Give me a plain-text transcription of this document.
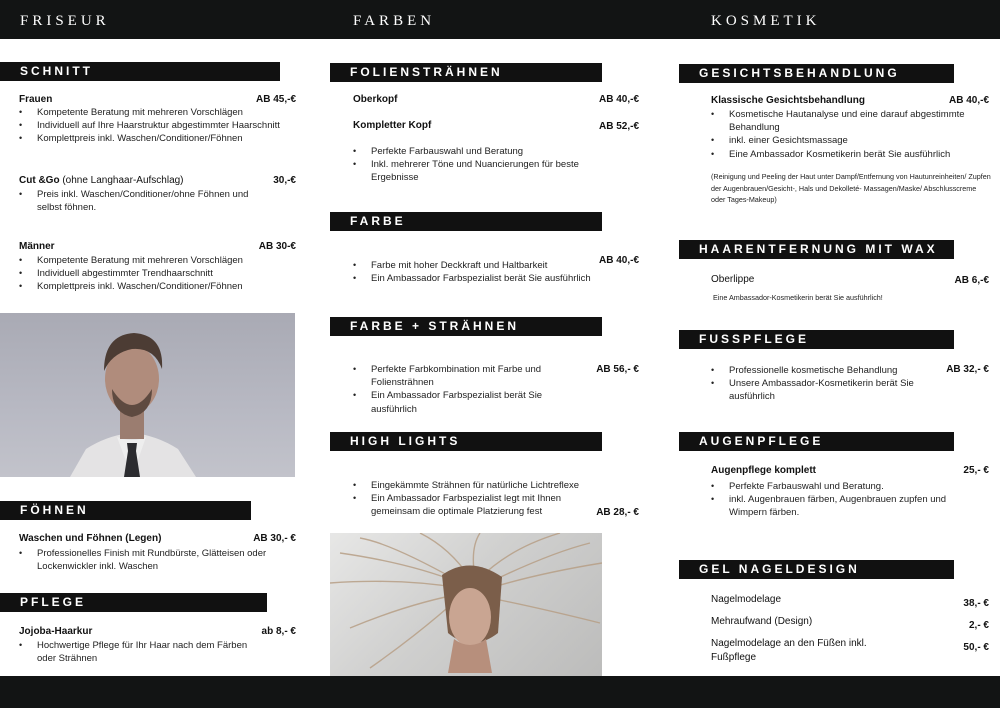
FRISEUR	FARBEN	KOSMETIK
SCHNITT
Frauen	AB 45,-€
• Kompetente Beratung mit mehreren Vorschlägen
• Individuell auf Ihre Haarstruktur abgestimmter Haarschnitt
• Komplettpreis inkl. Waschen/Conditioner/Föhnen
Cut &Go (ohne Langhaar-Aufschlag)	30,-€
• Preis inkl. Waschen/Conditioner/ohne Föhnen und selbst föhnen.
Männer	AB 30-€
• Kompetente Beratung mit mehreren Vorschlägen
• Individuell abgestimmter Trendhaarschnitt
• Komplettpreis inkl. Waschen/Conditioner/Föhnen
FÖHNEN
Waschen und Föhnen (Legen)	AB 30,- €
• Professionelles Finish mit Rundbürste, Glätteisen oder Lockenwickler inkl. Waschen
PFLEGE
Jojoba-Haarkur	ab 8,- €
• Hochwertige Pflege für Ihr Haar nach dem Färben oder Strähnen
FOLIENSTRÄHNEN
Oberkopf	AB 40,-€
Kompletter Kopf	AB 52,-€
• Perfekte Farbauswahl und Beratung
• Inkl. mehrerer Töne und Nuancierungen für beste Ergebnisse
FARBE
AB 40,-€
• Farbe mit hoher Deckkraft und Haltbarkeit
• Ein Ambassador Farbspezialist berät Sie ausführlich
FARBE + STRÄHNEN
AB 56,- €
• Perfekte Farbkombination mit Farbe und Foliensträhnen
• Ein Ambassador Farbspezialist berät Sie ausführlich
HIGH LIGHTS
• Eingekämmte Strähnen für natürliche Lichtreflexe
• Ein Ambassador Farbspezialist legt mit Ihnen gemeinsam die optimale Platzierung fest	AB 28,- €
GESICHTSBEHANDLUNG
Klassische Gesichtsbehandlung	AB 40,-€
• Kosmetische Hautanalyse und eine darauf abgestimmte Behandlung
• inkl. einer Gesichtsmassage
• Eine Ambassador Kosmetikerin berät Sie ausführlich
(Reinigung und Peeling der Haut unter Dampf/Entfernung von Hautunreinheiten/ Zupfen der Augenbrauen/Gesicht-, Hals und Dekolleté- Massagen/Maske/ Abschlusscreme oder Tages-Makeup)
HAARENTFERNUNG MIT WAX
Oberlippe	AB 6,-€
Eine Ambassador-Kosmetikerin berät Sie ausführlich!
FUSSPFLEGE
• Professionelle kosmetische Behandlung
• Unsere Ambassador-Kosmetikerin berät Sie ausführlich
AB 32,- €
AUGENPFLEGE
Augenpflege komplett	25,- €
• Perfekte Farbauswahl und Beratung.
• inkl. Augenbrauen färben, Augenbrauen zupfen und Wimpern färben.
GEL NAGELDESIGN
Nagelmodelage	38,- €
Mehraufwand (Design)	2,- €
Nagelmodelage an den Füßen inkl. Fußpflege
50,- €
